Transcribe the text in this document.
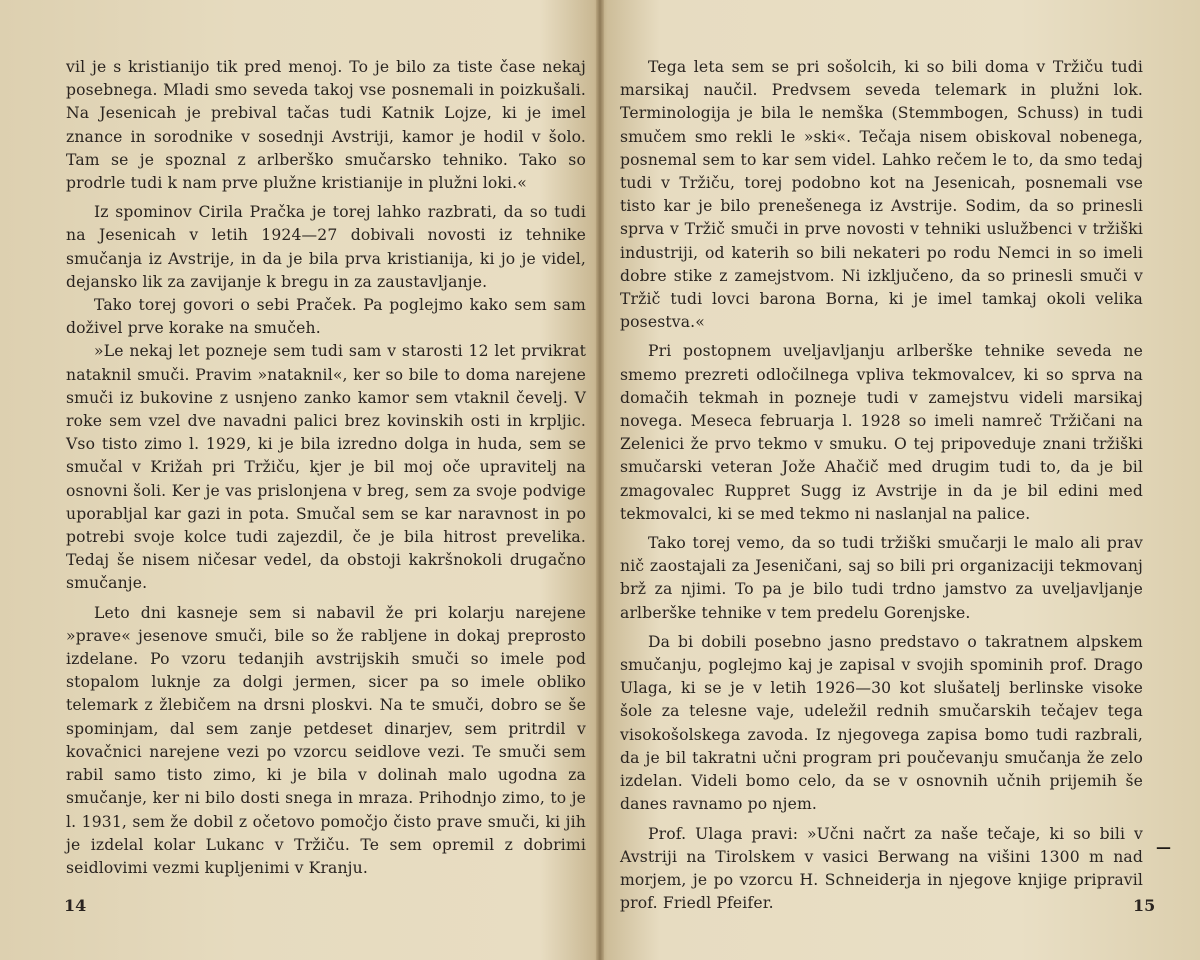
vil je s kristianijo tik pred menoj. To je bilo za tiste čase nekaj posebnega. Mladi smo seveda takoj vse posnemali in poizkušali. Na Jesenicah je prebival tačas tudi Katnik Lojze, ki je imel znance in sorodnike v sosednji Avstriji, kamor je hodil v šolo. Tam se je spoznal z arlberško smučarsko tehniko. Tako so prodrle tudi k nam prve plužne kristianije in plužni loki.«

Iz spominov Cirila Pračka je torej lahko razbrati, da so tudi na Jesenicah v letih 1924—27 dobivali novosti iz tehnike smučanja iz Avstrije, in da je bila prva kristianija, ki jo je videl, dejansko lik za zavijanje k bregu in za zaustavljanje.

Tako torej govori o sebi Praček. Pa poglejmo kako sem sam doživel prve korake na smučeh.

»Le nekaj let pozneje sem tudi sam v starosti 12 let prvikrat nataknil smuči. Pravim »nataknil«, ker so bile to doma narejene smuči iz bukovine z usnjeno zanko kamor sem vtaknil čevelj. V roke sem vzel dve navadni palici brez kovinskih osti in krpljic. Vso tisto zimo l. 1929, ki je bila izredno dolga in huda, sem se smučal v Križah pri Tržiču, kjer je bil moj oče upravitelj na osnovni šoli. Ker je vas prislonjena v breg, sem za svoje podvige uporabljal kar gazi in pota. Smučal sem se kar naravnost in po potrebi svoje kolce tudi zajezdil, če je bila hitrost prevelika. Tedaj še nisem ničesar vedel, da obstoji kakršnokoli drugačno smučanje.

Leto dni kasneje sem si nabavil že pri kolarju narejene »prave« jesenove smuči, bile so že rabljene in dokaj preprosto izdelane. Po vzoru tedanjih avstrijskih smuči so imele pod stopalom luknje za dolgi jermen, sicer pa so imele obliko telemark z žlebičem na drsni ploskvi. Na te smuči, dobro se še spominjam, dal sem zanje petdeset dinarjev, sem pritrdil v kovačnici narejene vezi po vzorcu seidlove vezi. Te smuči sem rabil samo tisto zimo, ki je bila v dolinah malo ugodna za smučanje, ker ni bilo dosti snega in mraza. Prihodnjo zimo, to je l. 1931, sem že dobil z očetovo pomočjo čisto prave smuči, ki jih je izdelal kolar Lukanc v Tržiču. Te sem opremil z dobrimi seidlovimi vezmi kupljenimi v Kranju.

14

Tega leta sem se pri sošolcih, ki so bili doma v Tržiču tudi marsikaj naučil. Predvsem seveda telemark in plužni lok. Terminologija je bila le nemška (Stemmbogen, Schuss) in tudi smučem smo rekli le »ski«. Tečaja nisem obiskoval nobenega, posnemal sem to kar sem videl. Lahko rečem le to, da smo tedaj tudi v Tržiču, torej podobno kot na Jesenicah, posnemali vse tisto kar je bilo prenešenega iz Avstrije. Sodim, da so prinesli sprva v Tržič smuči in prve novosti v tehniki uslužbenci v tržiški industriji, od katerih so bili nekateri po rodu Nemci in so imeli dobre stike z zamejstvom. Ni izključeno, da so prinesli smuči v Tržič tudi lovci barona Borna, ki je imel tamkaj okoli velika posestva.«

Pri postopnem uveljavljanju arlberške tehnike seveda ne smemo prezreti odločilnega vpliva tekmovalcev, ki so sprva na domačih tekmah in pozneje tudi v zamejstvu videli marsikaj novega. Meseca februarja l. 1928 so imeli namreč Tržičani na Zelenici že prvo tekmo v smuku. O tej pripoveduje znani tržiški smučarski veteran Jože Ahačič med drugim tudi to, da je bil zmagovalec Ruppret Sugg iz Avstrije in da je bil edini med tekmovalci, ki se med tekmo ni naslanjal na palice.

Tako torej vemo, da so tudi tržiški smučarji le malo ali prav nič zaostajali za Jeseničani, saj so bili pri organizaciji tekmovanj brž za njimi. To pa je bilo tudi trdno jamstvo za uveljavljanje arlberške tehnike v tem predelu Gorenjske.

Da bi dobili posebno jasno predstavo o takratnem alpskem smučanju, poglejmo kaj je zapisal v svojih spominih prof. Drago Ulaga, ki se je v letih 1926—30 kot slušatelj berlinske visoke šole za telesne vaje, udeležil rednih smučarskih tečajev tega visokošolskega zavoda. Iz njegovega zapisa bomo tudi razbrali, da je bil takratni učni program pri poučevanju smučanja že zelo izdelan. Videli bomo celo, da se v osnovnih učnih prijemih še danes ravnamo po njem.

Prof. Ulaga pravi: »Učni načrt za naše tečaje, ki so bili v Avstriji na Tirolskem v vasici Berwang na višini 1300 m nad morjem, je po vzorcu H. Schneiderja in njegove knjige pripravil prof. Friedl Pfeifer.

—
15
